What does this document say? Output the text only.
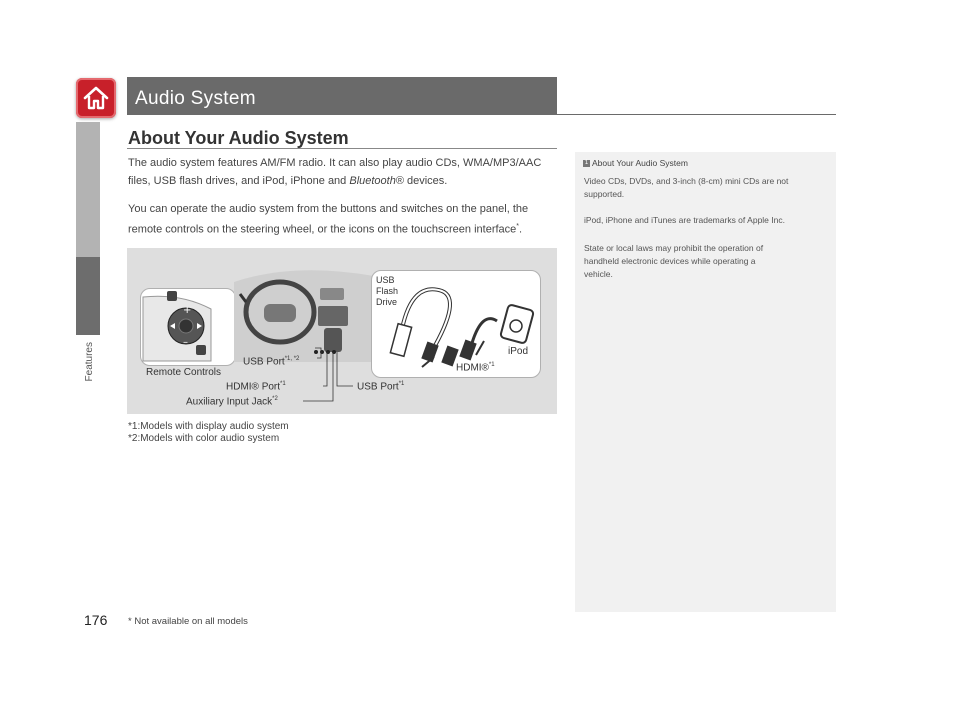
Features
Audio System
About Your Audio System
The audio system features AM/FM radio. It can also play audio CDs, WMA/MP3/AAC
files, USB flash drives, and iPod, iPhone and Bluetooth® devices.
You can operate the audio system from the buttons and switches on the panel, the
remote controls on the steering wheel, or the icons on the touchscreen interface*.
+
–
USB
Flash
Drive
iPod
HDMI®$^{*1}$
Remote Controls
USB Port$^{*1, *2}$
HDMI® Port$^{*1}$
Auxiliary Input Jack$^{*2}$
USB Port$^{*1}$
*1:Models with display audio system
*2:Models with color audio system
1 About Your Audio System
Video CDs, DVDs, and 3-inch (8-cm) mini CDs are not
supported.
iPod, iPhone and iTunes are trademarks of Apple Inc.
State or local laws may prohibit the operation of
handheld electronic devices while operating a
vehicle.
176 * Not available on all models
